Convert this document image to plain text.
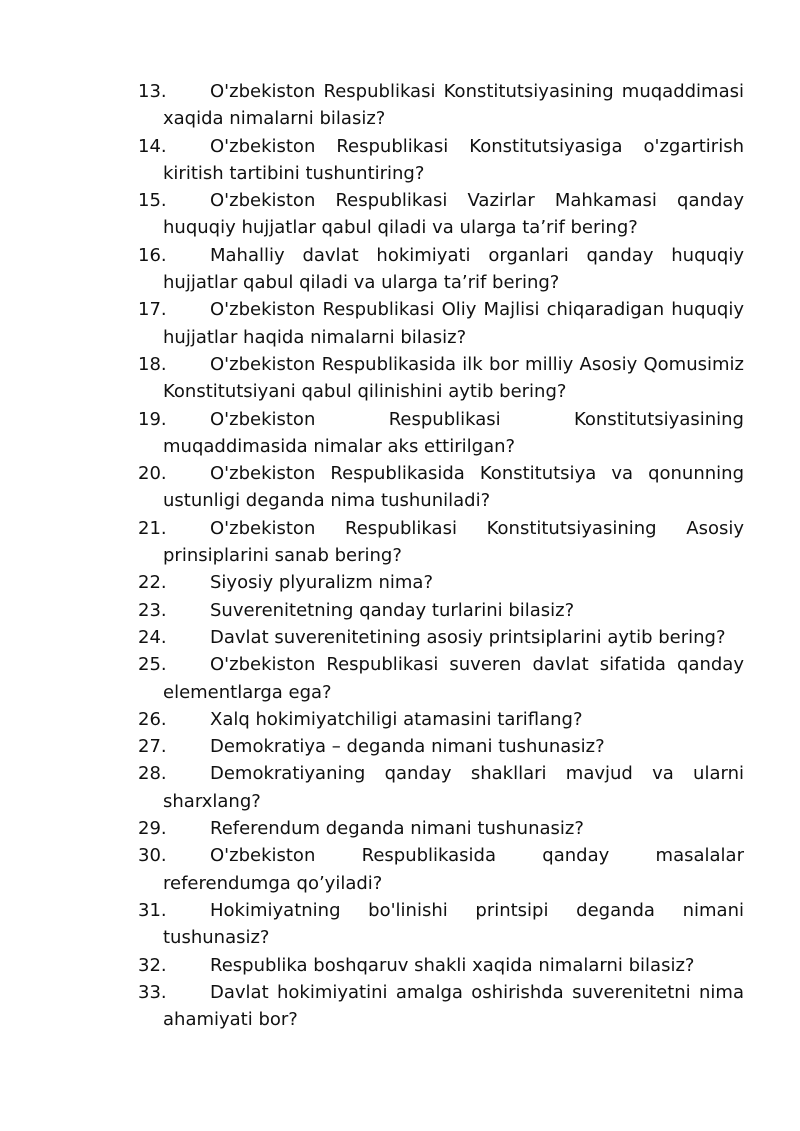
13.	O'zbekiston Respublikasi Konstitutsiyasining muqaddimasi xaqida nimalarni bilasiz?
14.	O'zbekiston Respublikasi Konstitutsiyasiga o'zgartirish kiritish tartibini tushuntiring?
15.	O'zbekiston Respublikasi Vazirlar Mahkamasi qanday huquqiy hujjatlar qabul qiladi va ularga ta’rif bering?
16.	Mahalliy davlat hokimiyati organlari qanday huquqiy hujjatlar qabul qiladi va ularga ta’rif bering?
17.	O'zbekiston Respublikasi Oliy Majlisi chiqaradigan huquqiy hujjatlar haqida nimalarni bilasiz?
18.	O'zbekiston Respublikasida ilk bor milliy Asosiy Qomusimiz Konstitutsiyani qabul qilinishini aytib bering?
19.	O'zbekiston Respublikasi Konstitutsiyasining muqaddimasida nimalar aks ettirilgan?
20.	O'zbekiston Respublikasida Konstitutsiya va qonunning ustunligi deganda nima tushuniladi?
21.	O'zbekiston Respublikasi Konstitutsiyasining Asosiy prinsiplarini sanab bering?
22.	Siyosiy plyuralizm nima?
23.	Suverenitetning qanday turlarini bilasiz?
24.	Davlat suverenitetining asosiy printsiplarini aytib bering?
25.	O'zbekiston Respublikasi suveren davlat sifatida qanday elementlarga ega?
26.	Xalq hokimiyatchiligi atamasini tariflang?
27.	Demokratiya – deganda nimani tushunasiz?
28.	Demokratiyaning qanday shakllari mavjud va ularni sharxlang?
29.	Referendum deganda nimani tushunasiz?
30.	O'zbekiston Respublikasida qanday masalalar referendumga qo’yiladi?
31.	Hokimiyatning bo'linishi printsipi deganda nimani tushunasiz?
32.	Respublika boshqaruv shakli xaqida nimalarni bilasiz?
33.	Davlat hokimiyatini amalga oshirishda suverenitetni nima ahamiyati bor?
